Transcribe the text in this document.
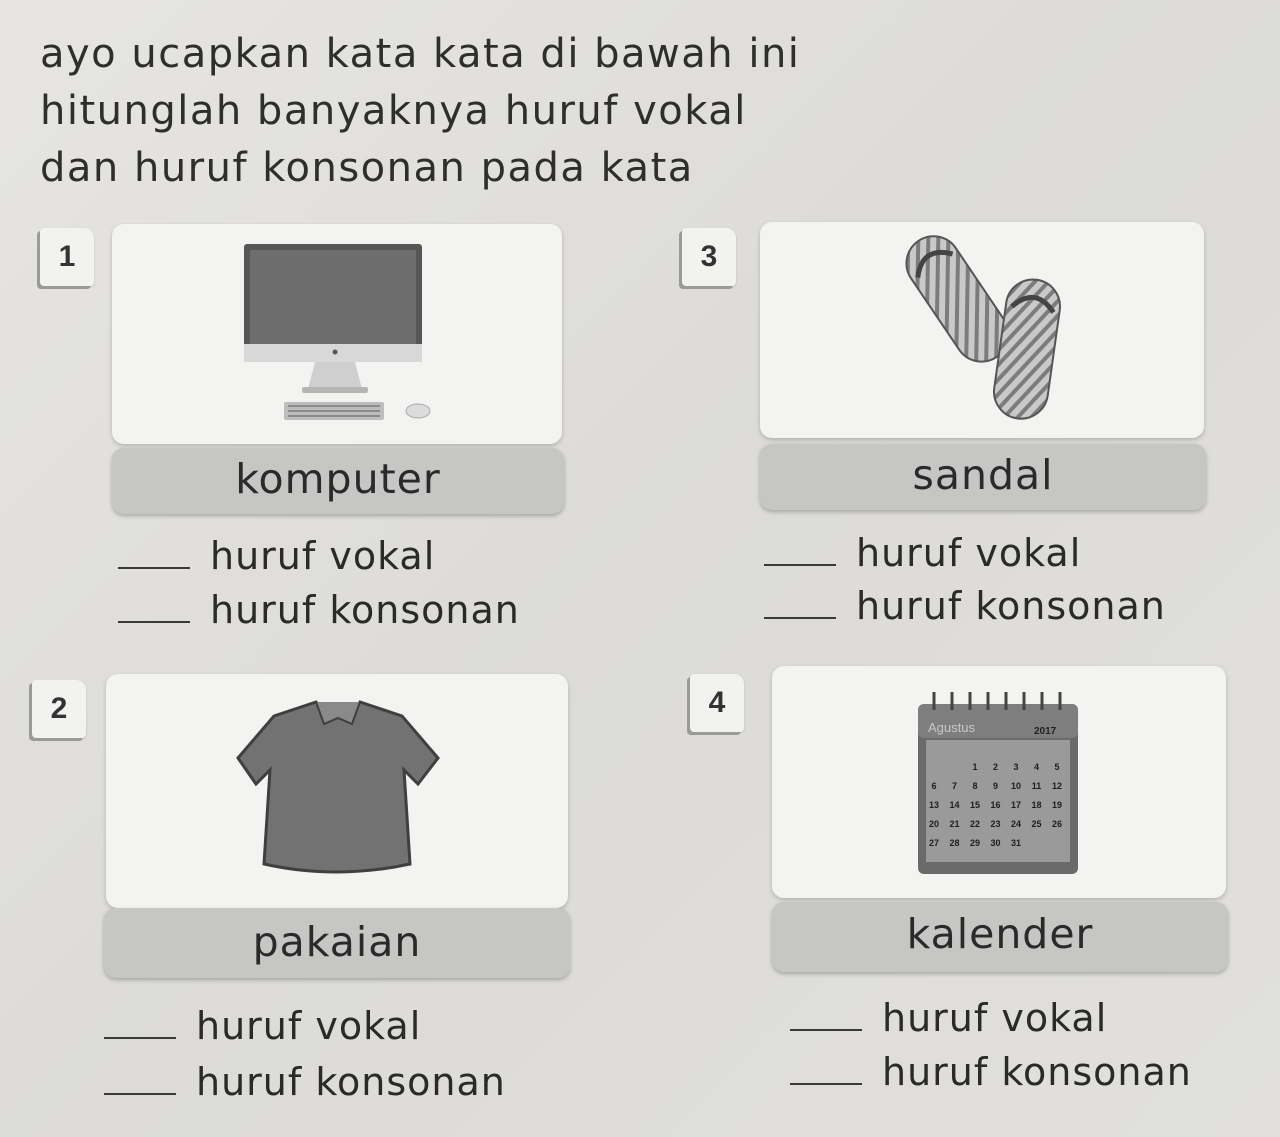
ayo ucapkan kata kata di bawah ini
hitunglah banyaknya huruf vokal
dan huruf konsonan pada kata
1
komputer
huruf vokal
huruf konsonan
3
sandal
huruf vokal
huruf konsonan
2
pakaian
huruf vokal
huruf konsonan
Agustus	2017
1 2 3 4 5
6 7 8 9 10 11 12
13 14 15 16 17 18 19
20 21 22 23 24 25 26
27 28 29 30 31
4
kalender
huruf vokal
huruf konsonan
